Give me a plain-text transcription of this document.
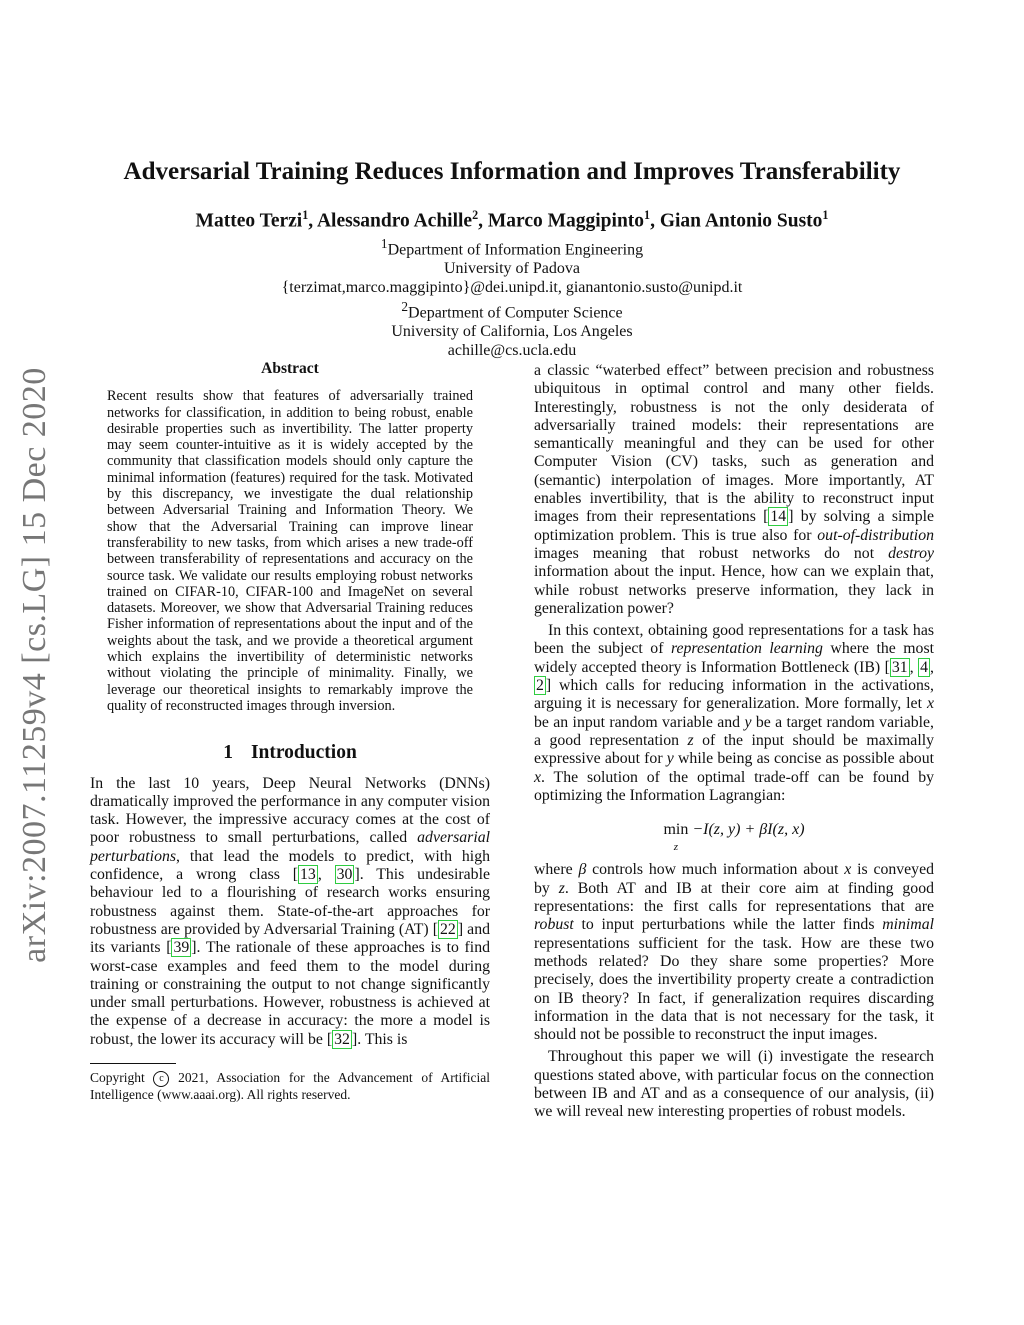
arXiv:2007.11259v4 [cs.LG] 15 Dec 2020
Adversarial Training Reduces Information and Improves Transferability
Matteo Terzi$^1$, Alessandro Achille$^2$, Marco Maggipinto$^1$, Gian Antonio Susto$^1$
$^1$Department of Information Engineering
University of Padova
{terzimat,marco.maggipinto}@dei.unipd.it, gianantonio.susto@unipd.it
$^2$Department of Computer Science
University of California, Los Angeles
achille@cs.ucla.edu
Abstract

Recent results show that features of adversarially trained networks for classification, in addition to being robust, enable desirable properties such as invertibility. The latter property may seem counter-intuitive as it is widely accepted by the community that classification models should only capture the minimal information (features) required for the task. Motivated by this discrepancy, we investigate the dual relationship between Adversarial Training and Information Theory. We show that the Adversarial Training can improve linear transferability to new tasks, from which arises a new trade-off between transferability of representations and accuracy on the source task. We validate our results employing robust networks trained on CIFAR-10, CIFAR-100 and ImageNet on several datasets. Moreover, we show that Adversarial Training reduces Fisher information of representations about the input and of the weights about the task, and we provide a theoretical argument which explains the invertibility of deterministic networks without violating the principle of minimality. Finally, we leverage our theoretical insights to remarkably improve the quality of reconstructed images through inversion.

1 Introduction

In the last 10 years, Deep Neural Networks (DNNs) dramatically improved the performance in any computer vision task. However, the impressive accuracy comes at the cost of poor robustness to small perturbations, called adversarial perturbations, that lead the models to predict, with high confidence, a wrong class [ 13 , 30 ]. This undesirable behaviour led to a flourishing of research works ensuring robustness against them. State-of-the-art approaches for robustness are provided by Adversarial Training (AT) [ 22 ] and its variants [ 39 ]. The rationale of these approaches is to find worst-case examples and feed them to the model during training or constraining the output to not change significantly under small perturbations. However, robustness is achieved at the expense of a decrease in accuracy: the more a model is robust, the lower its accuracy will be [ 32 ]. This is

Copyright c 2021, Association for the Advancement of Artificial Intelligence (www.aaai.org). All rights reserved.

a classic “waterbed effect” between precision and robustness ubiquitous in optimal control and many other fields. Interestingly, robustness is not the only desiderata of adversarially trained models: their representations are semantically meaningful and they can be used for other Computer Vision (CV) tasks, such as generation and (semantic) interpolation of images. More importantly, AT enables invertibility, that is the ability to reconstruct input images from their representations [ 14 ] by solving a simple optimization problem. This is true also for out-of-distribution images meaning that robust networks do not destroy information about the input. Hence, how can we explain that, while robust networks preserve information, they lack in generalization power?

In this context, obtaining good representations for a task has been the subject of representation learning where the most widely accepted theory is Information Bottleneck (IB) [ 31 , 4 , 2 ] which calls for reducing information in the activations, arguing it is necessary for generalization. More formally, let x be an input random variable and y be a target random variable, a good representation z of the input should be maximally expressive about for y while being as concise as possible about x. The solution of the optimal trade-off can be found by optimizing the Information Lagrangian:

min
z
−I(z, y) + βI(z, x)

where β controls how much information about x is conveyed by z. Both AT and IB at their core aim at finding good representations: the first calls for representations that are robust to input perturbations while the latter finds minimal representations sufficient for the task. How are these two methods related? Do they share some properties? More precisely, does the invertibility property create a contradiction on IB theory? In fact, if generalization requires discarding information in the data that is not necessary for the task, it should not be possible to reconstruct the input images.

Throughout this paper we will (i) investigate the research questions stated above, with particular focus on the connection between IB and AT and as a consequence of our analysis, (ii) we will reveal new interesting properties of robust models.
